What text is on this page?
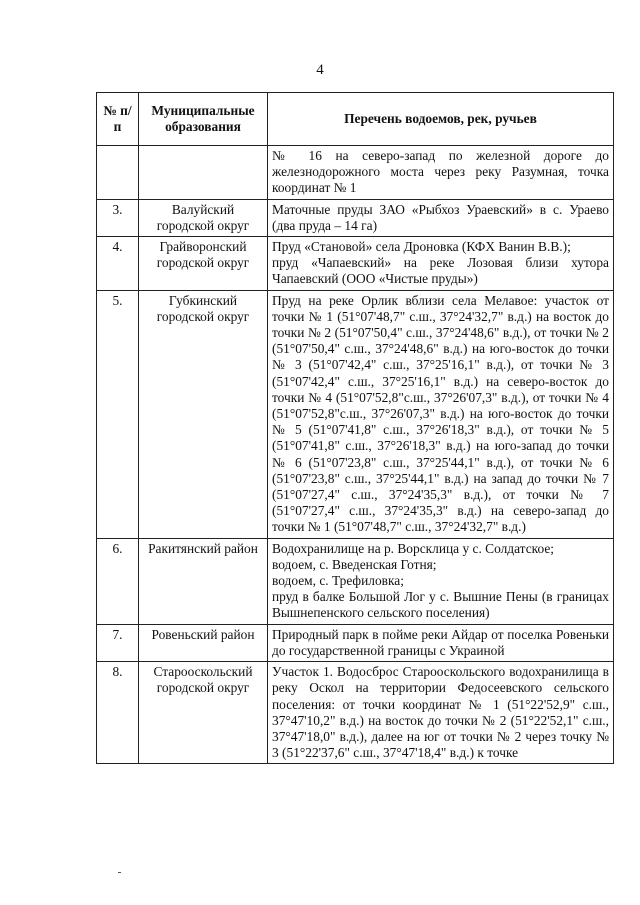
4
№ п/п	Муниципальные образования	Перечень водоемов, рек, ручьев

		№ 16 на северо-запад по железной дороге до железнодорожного моста через реку Разумная, точка координат № 1

3.	Валуйский городской округ	Маточные пруды ЗАО «Рыбхоз Ураевский» в с. Ураево (два пруда – 14 га)

4.	Грайворонский городской округ	Пруд «Становой» села Дроновка (КФХ Ванин В.В.);
пруд «Чапаевский» на реке Лозовая близи хутора Чапаевский (ООО «Чистые пруды»)

5.	Губкинский городской округ	Пруд на реке Орлик вблизи села Мелавое: участок от точки № 1 (51°07'48,7" с.ш., 37°24'32,7" в.д.) на восток до точки № 2 (51°07'50,4" с.ш., 37°24'48,6" в.д.), от точки № 2 (51°07'50,4" с.ш., 37°24'48,6" в.д.) на юго-восток до точки № 3 (51°07'42,4" с.ш., 37°25'16,1" в.д.), от точки № 3 (51°07'42,4" с.ш., 37°25'16,1" в.д.) на северо-восток до точки № 4 (51°07'52,8"с.ш., 37°26'07,3" в.д.), от точки № 4 (51°07'52,8"с.ш., 37°26'07,3" в.д.) на юго-восток до точки № 5 (51°07'41,8" с.ш., 37°26'18,3" в.д.), от точки № 5 (51°07'41,8" с.ш., 37°26'18,3" в.д.) на юго-запад до точки № 6 (51°07'23,8" с.ш., 37°25'44,1" в.д.), от точки № 6 (51°07'23,8" с.ш., 37°25'44,1" в.д.) на запад до точки № 7 (51°07'27,4" с.ш., 37°24'35,3" в.д.), от точки № 7 (51°07'27,4" с.ш., 37°24'35,3" в.д.) на северо-запад до точки № 1 (51°07'48,7" с.ш., 37°24'32,7" в.д.)

6.	Ракитянский район	Водохранилище на р. Ворсклица у с. Солдатское;
водоем, с. Введенская Готня;
водоем, с. Трефиловка;
пруд в балке Большой Лог у с. Вышние Пены (в границах Вышнепенского сельского поселения)

7.	Ровеньский район	Природный парк в пойме реки Айдар от поселка Ровеньки до государственной границы с Украиной

8.	Старооскольский городской округ	Участок 1. Водосброс Старооскольского водохранилища в реку Оскол на территории Федосеевского сельского поселения: от точки координат № 1 (51°22'52,9" с.ш., 37°47'10,2" в.д.) на восток до точки № 2 (51°22'52,1" с.ш., 37°47'18,0" в.д.), далее на юг от точки № 2 через точку № 3 (51°22'37,6" с.ш., 37°47'18,4" в.д.) к точке
